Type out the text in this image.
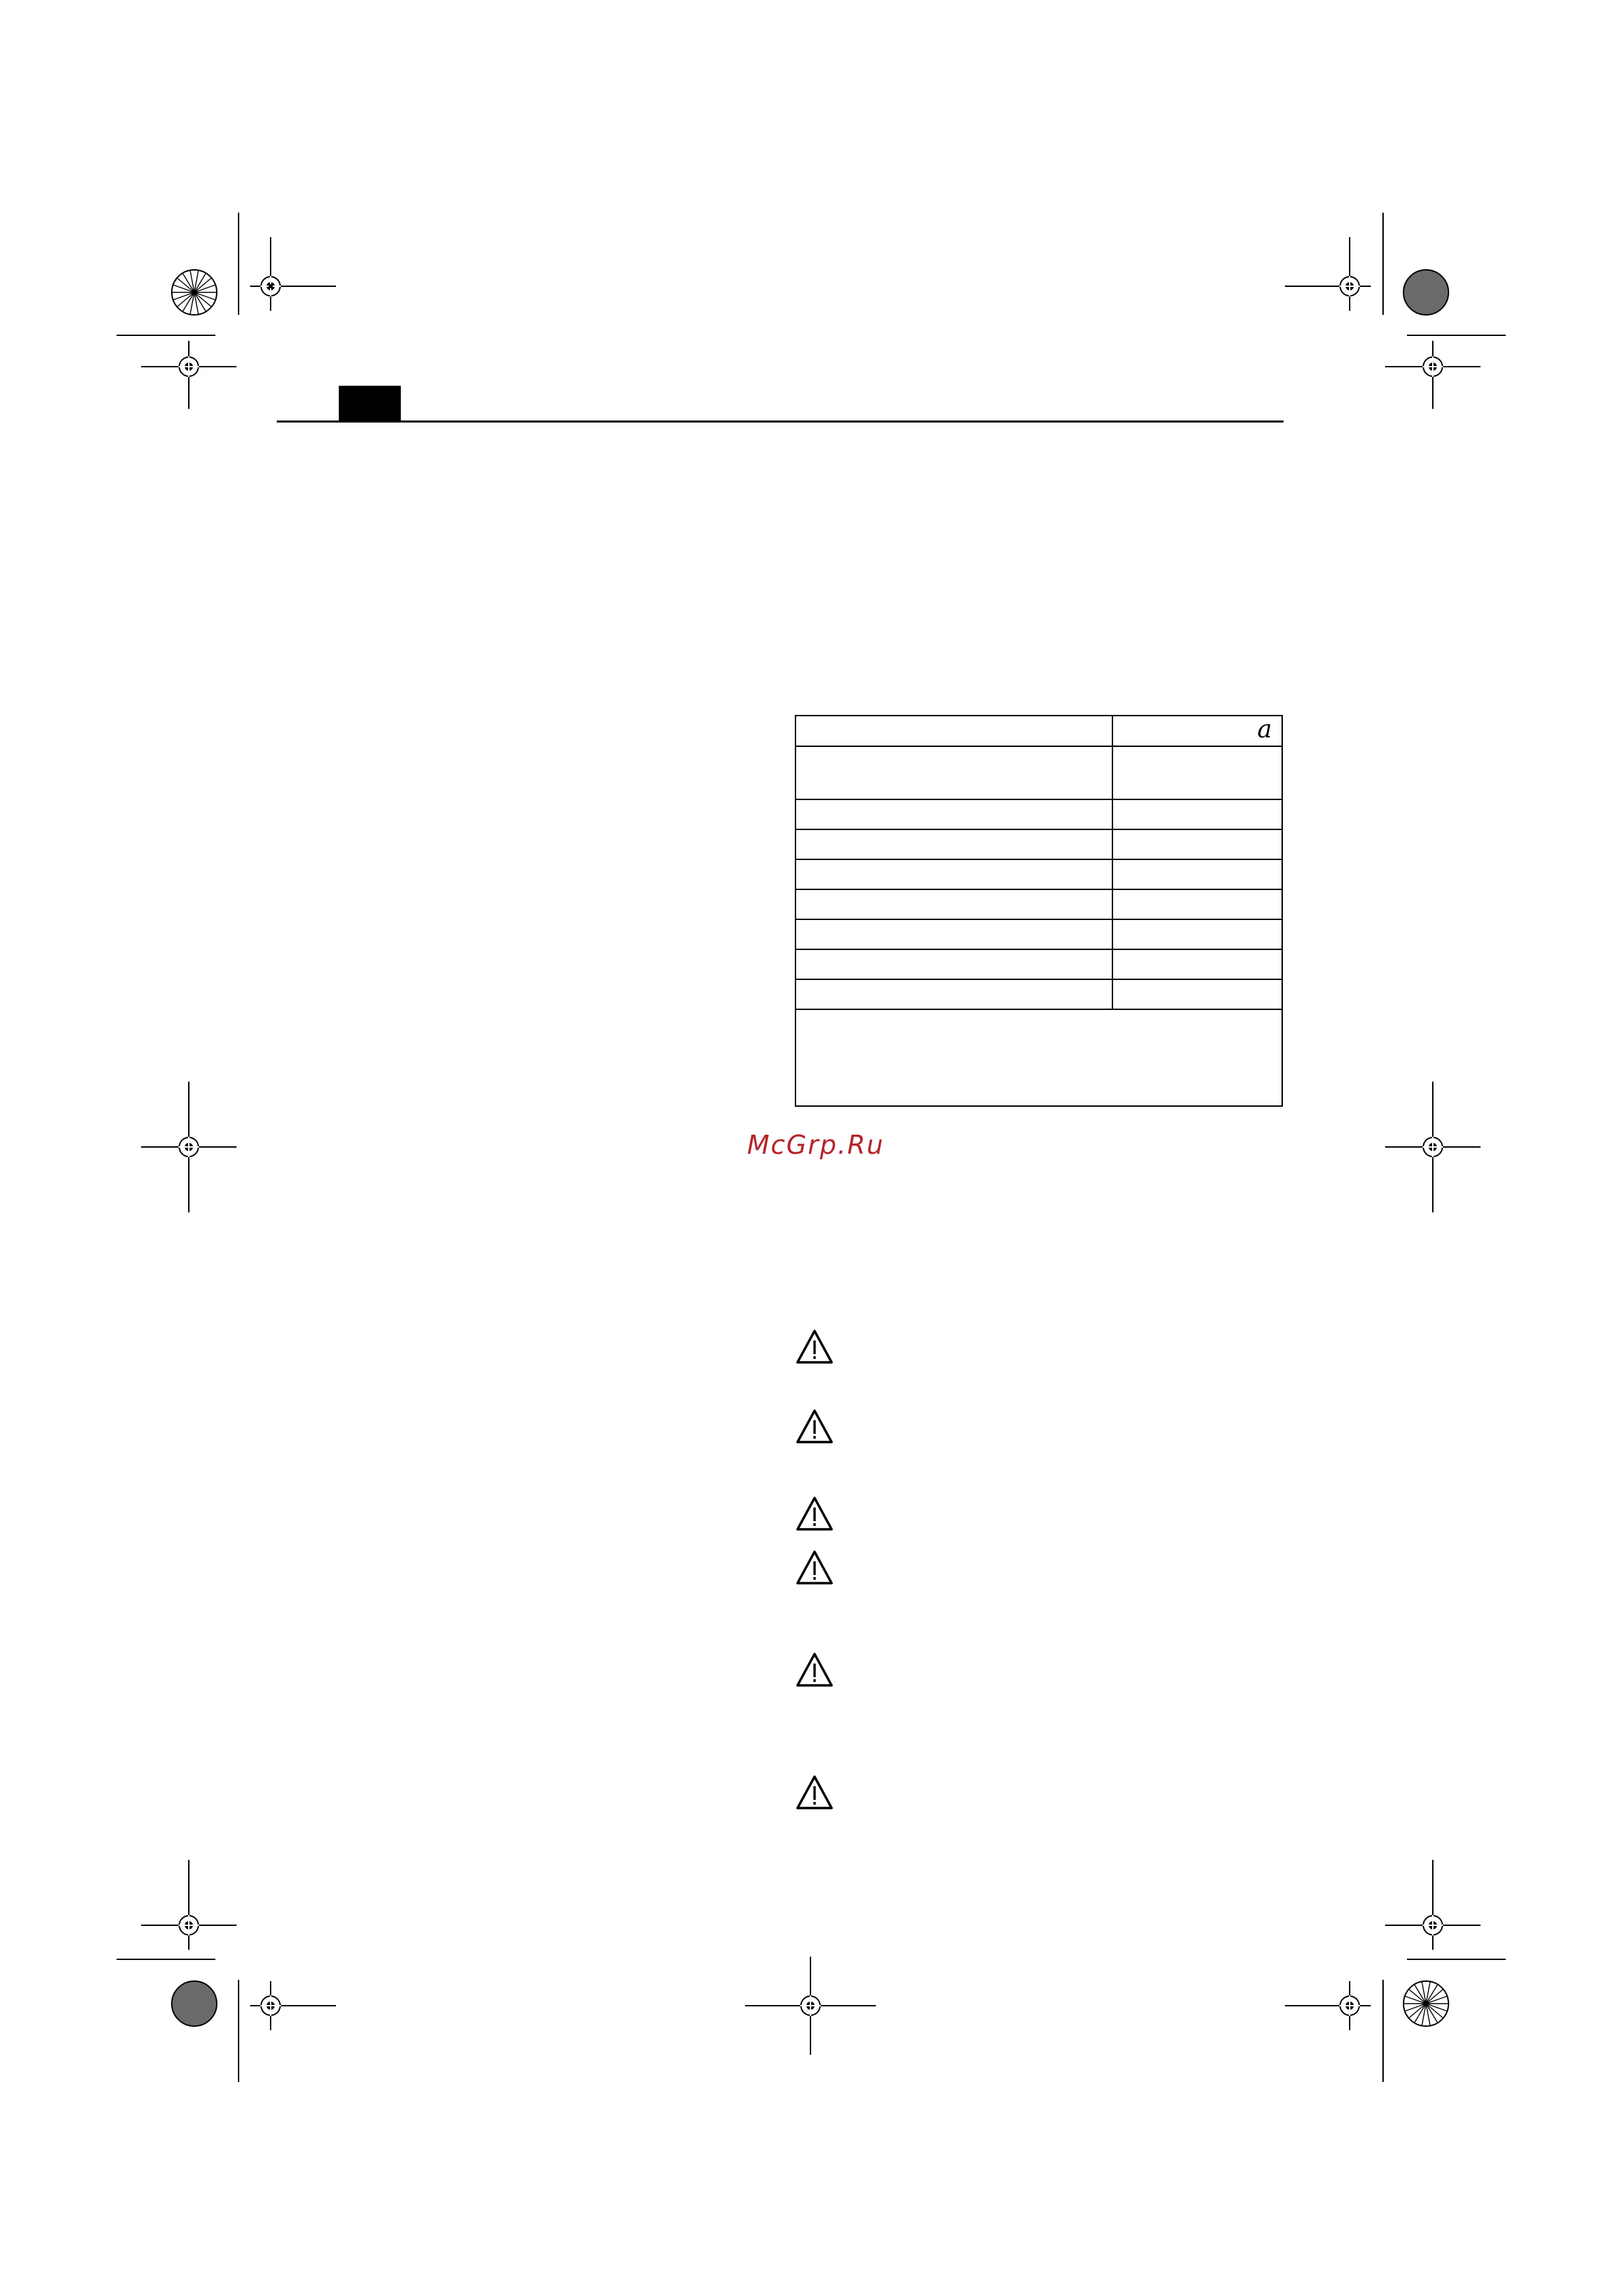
a
McGrp.Ru
